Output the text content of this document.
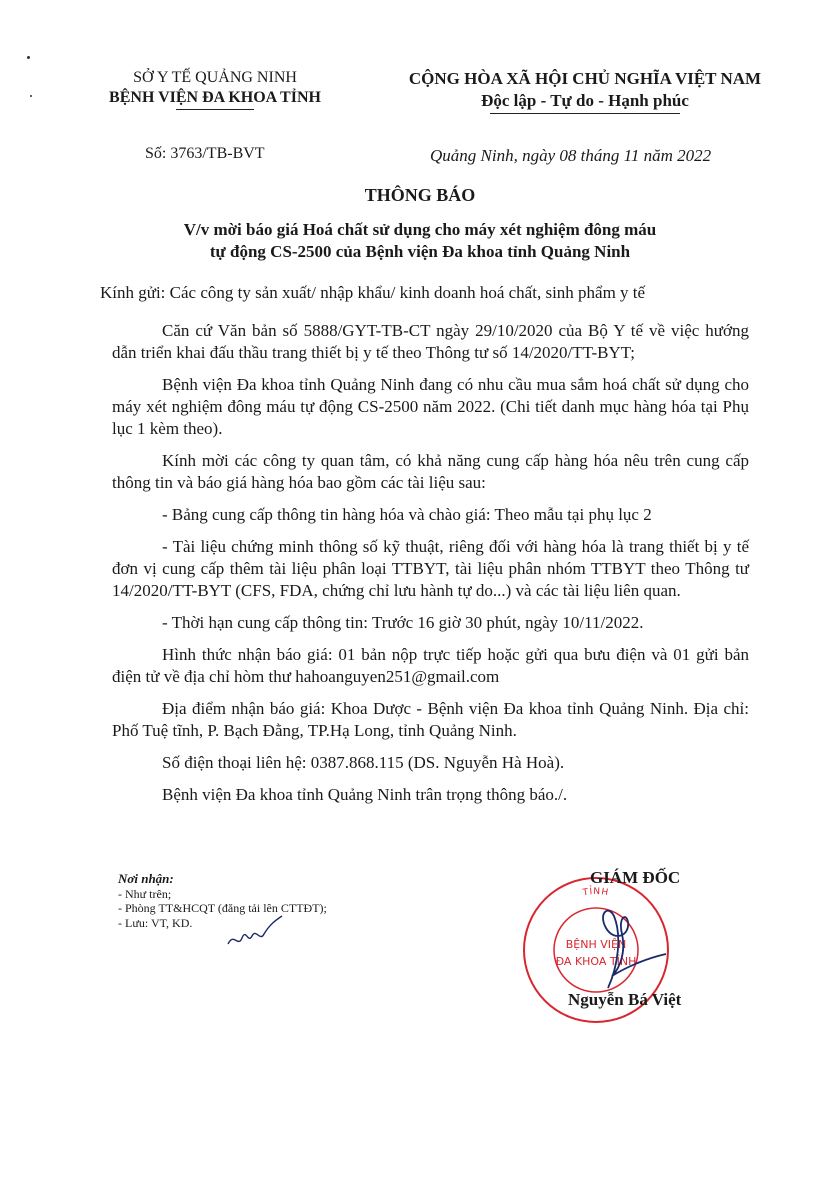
SỞ Y TẾ QUẢNG NINH
BỆNH VIỆN ĐA KHOA TỈNH
CỘNG HÒA XÃ HỘI CHỦ NGHĨA VIỆT NAM
Độc lập - Tự do - Hạnh phúc
Số: 3763/TB-BVT	Quảng Ninh, ngày 08 tháng 11 năm 2022
THÔNG BÁO
V/v mời báo giá Hoá chất sử dụng cho máy xét nghiệm đông máu
tự động CS-2500 của Bệnh viện Đa khoa tỉnh Quảng Ninh
Kính gửi: Các công ty sản xuất/ nhập khẩu/ kinh doanh hoá chất, sinh phẩm y tế

Căn cứ Văn bản số 5888/GYT-TB-CT ngày 29/10/2020 của Bộ Y tế về việc hướng dẫn triển khai đấu thầu trang thiết bị y tế theo Thông tư số 14/2020/TT-BYT;

Bệnh viện Đa khoa tỉnh Quảng Ninh đang có nhu cầu mua sắm hoá chất sử dụng cho máy xét nghiệm đông máu tự động CS-2500 năm 2022. (Chi tiết danh mục hàng hóa tại Phụ lục 1 kèm theo).

Kính mời các công ty quan tâm, có khả năng cung cấp hàng hóa nêu trên cung cấp thông tin và báo giá hàng hóa bao gồm các tài liệu sau:

- Bảng cung cấp thông tin hàng hóa và chào giá: Theo mẫu tại phụ lục 2

- Tài liệu chứng minh thông số kỹ thuật, riêng đối với hàng hóa là trang thiết bị y tế đơn vị cung cấp thêm tài liệu phân loại TTBYT, tài liệu phân nhóm TTBYT theo Thông tư 14/2020/TT-BYT (CFS, FDA, chứng chỉ lưu hành tự do...) và các tài liệu liên quan.

- Thời hạn cung cấp thông tin: Trước 16 giờ 30 phút, ngày 10/11/2022.

Hình thức nhận báo giá: 01 bản nộp trực tiếp hoặc gửi qua bưu điện và 01 gửi bản điện tử về địa chỉ hòm thư hahoanguyen251@gmail.com

Địa điểm nhận báo giá: Khoa Dược - Bệnh viện Đa khoa tỉnh Quảng Ninh. Địa chỉ: Phố Tuệ tĩnh, P. Bạch Đằng, TP.Hạ Long, tỉnh Quảng Ninh.

Số điện thoại liên hệ: 0387.868.115 (DS. Nguyễn Hà Hoà).

Bệnh viện Đa khoa tỉnh Quảng Ninh trân trọng thông báo./.

Nơi nhận:
- Như trên;
- Phòng TT&HCQT (đăng tải lên CTTĐT);
- Lưu: VT, KD.
TỈNH
BỆNH VIỆN
ĐA KHOA TỈNH
GIÁM ĐỐC
Nguyễn Bá Việt
